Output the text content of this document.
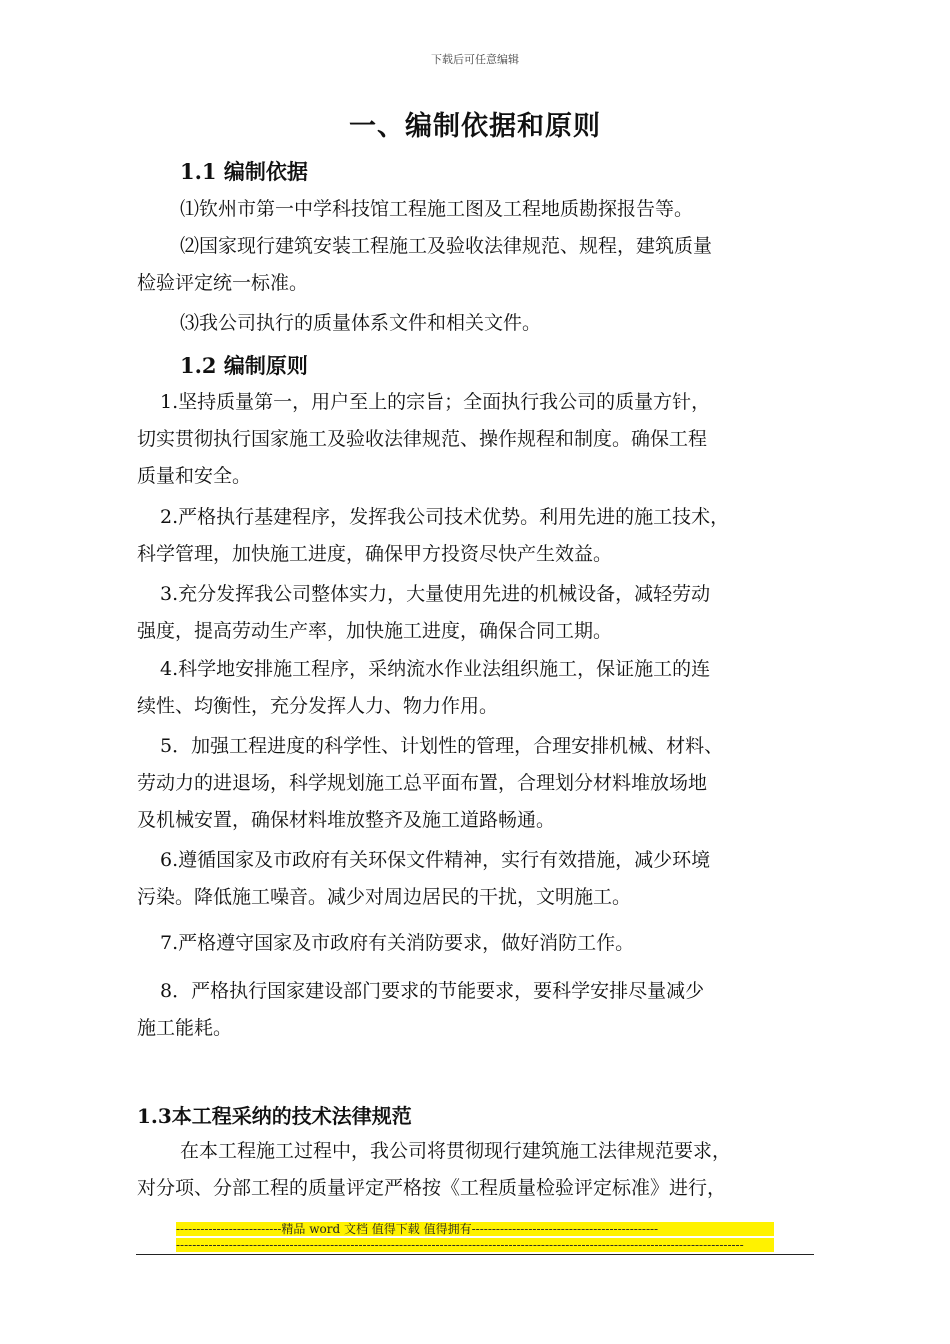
下载后可任意编辑
一、编制依据和原则
1.1 编制依据

⑴钦州市第一中学科技馆工程施工图及工程地质勘探报告等。

⑵国家现行建筑安装工程施工及验收法律规范、规程，建筑质量

检验评定统一标准。

⑶我公司执行的质量体系文件和相关文件。

1.2 编制原则

1.坚持质量第一，用户至上的宗旨；全面执行我公司的质量方针，

切实贯彻执行国家施工及验收法律规范、操作规程和制度。确保工程

质量和安全。

2.严格执行基建程序，发挥我公司技术优势。利用先进的施工技术，

科学管理，加快施工进度，确保甲方投资尽快产生效益。

3.充分发挥我公司整体实力，大量使用先进的机械设备，减轻劳动

强度，提高劳动生产率，加快施工进度，确保合同工期。

4.科学地安排施工程序，采纳流水作业法组织施工，保证施工的连

续性、均衡性，充分发挥人力、物力作用。

5．加强工程进度的科学性、计划性的管理，合理安排机械、材料、

劳动力的进退场，科学规划施工总平面布置，合理划分材料堆放场地

及机械安置，确保材料堆放整齐及施工道路畅通。

6.遵循国家及市政府有关环保文件精神，实行有效措施，减少环境

污染。降低施工噪音。减少对周边居民的干扰，文明施工。

7.严格遵守国家及市政府有关消防要求，做好消防工作。

8．严格执行国家建设部门要求的节能要求，要科学安排尽量减少

施工能耗。

1.3本工程采纳的技术法律规范

在本工程施工过程中，我公司将贯彻现行建筑施工法律规范要求，

对分项、分部工程的质量评定严格按《工程质量检验评定标准》进行，

--------------------------精品 word 文档 值得下载 值得拥有----------------------------------------------
--------------------------------------------------------------------------------------------------------------------------------------------
